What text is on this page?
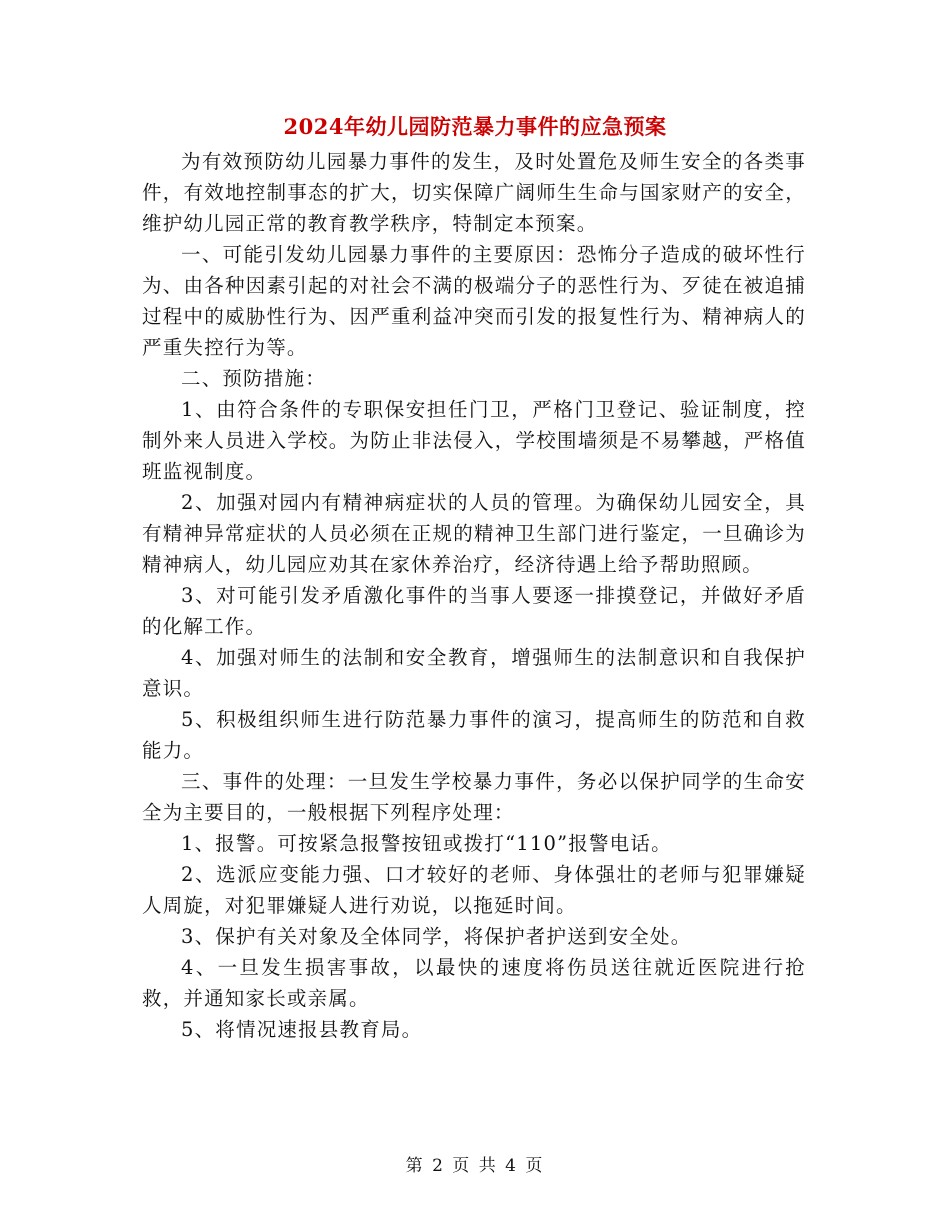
2024年幼儿园防范暴力事件的应急预案

为有效预防幼儿园暴力事件的发生，及时处置危及师生安全的各类事件，有效地控制事态的扩大，切实保障广阔师生生命与国家财产的安全，维护幼儿园正常的教育教学秩序，特制定本预案。

一、可能引发幼儿园暴力事件的主要原因：恐怖分子造成的破坏性行为、由各种因素引起的对社会不满的极端分子的恶性行为、歹徒在被追捕过程中的威胁性行为、因严重利益冲突而引发的报复性行为、精神病人的严重失控行为等。

二、预防措施：

1、由符合条件的专职保安担任门卫，严格门卫登记、验证制度，控制外来人员进入学校。为防止非法侵入，学校围墙须是不易攀越，严格值班监视制度。

2、加强对园内有精神病症状的人员的管理。为确保幼儿园安全，具有精神异常症状的人员必须在正规的精神卫生部门进行鉴定，一旦确诊为精神病人，幼儿园应劝其在家休养治疗，经济待遇上给予帮助照顾。

3、对可能引发矛盾激化事件的当事人要逐一排摸登记，并做好矛盾的化解工作。

4、加强对师生的法制和安全教育，增强师生的法制意识和自我保护意识。

5、积极组织师生进行防范暴力事件的演习，提高师生的防范和自救能力。

三、事件的处理：一旦发生学校暴力事件，务必以保护同学的生命安全为主要目的，一般根据下列程序处理：

1、报警。可按紧急报警按钮或拨打“110”报警电话。

2、选派应变能力强、口才较好的老师、身体强壮的老师与犯罪嫌疑人周旋，对犯罪嫌疑人进行劝说，以拖延时间。

3、保护有关对象及全体同学，将保护者护送到安全处。

4、一旦发生损害事故，以最快的速度将伤员送往就近医院进行抢救，并通知家长或亲属。

5、将情况速报县教育局。

第 2 页 共 4 页
